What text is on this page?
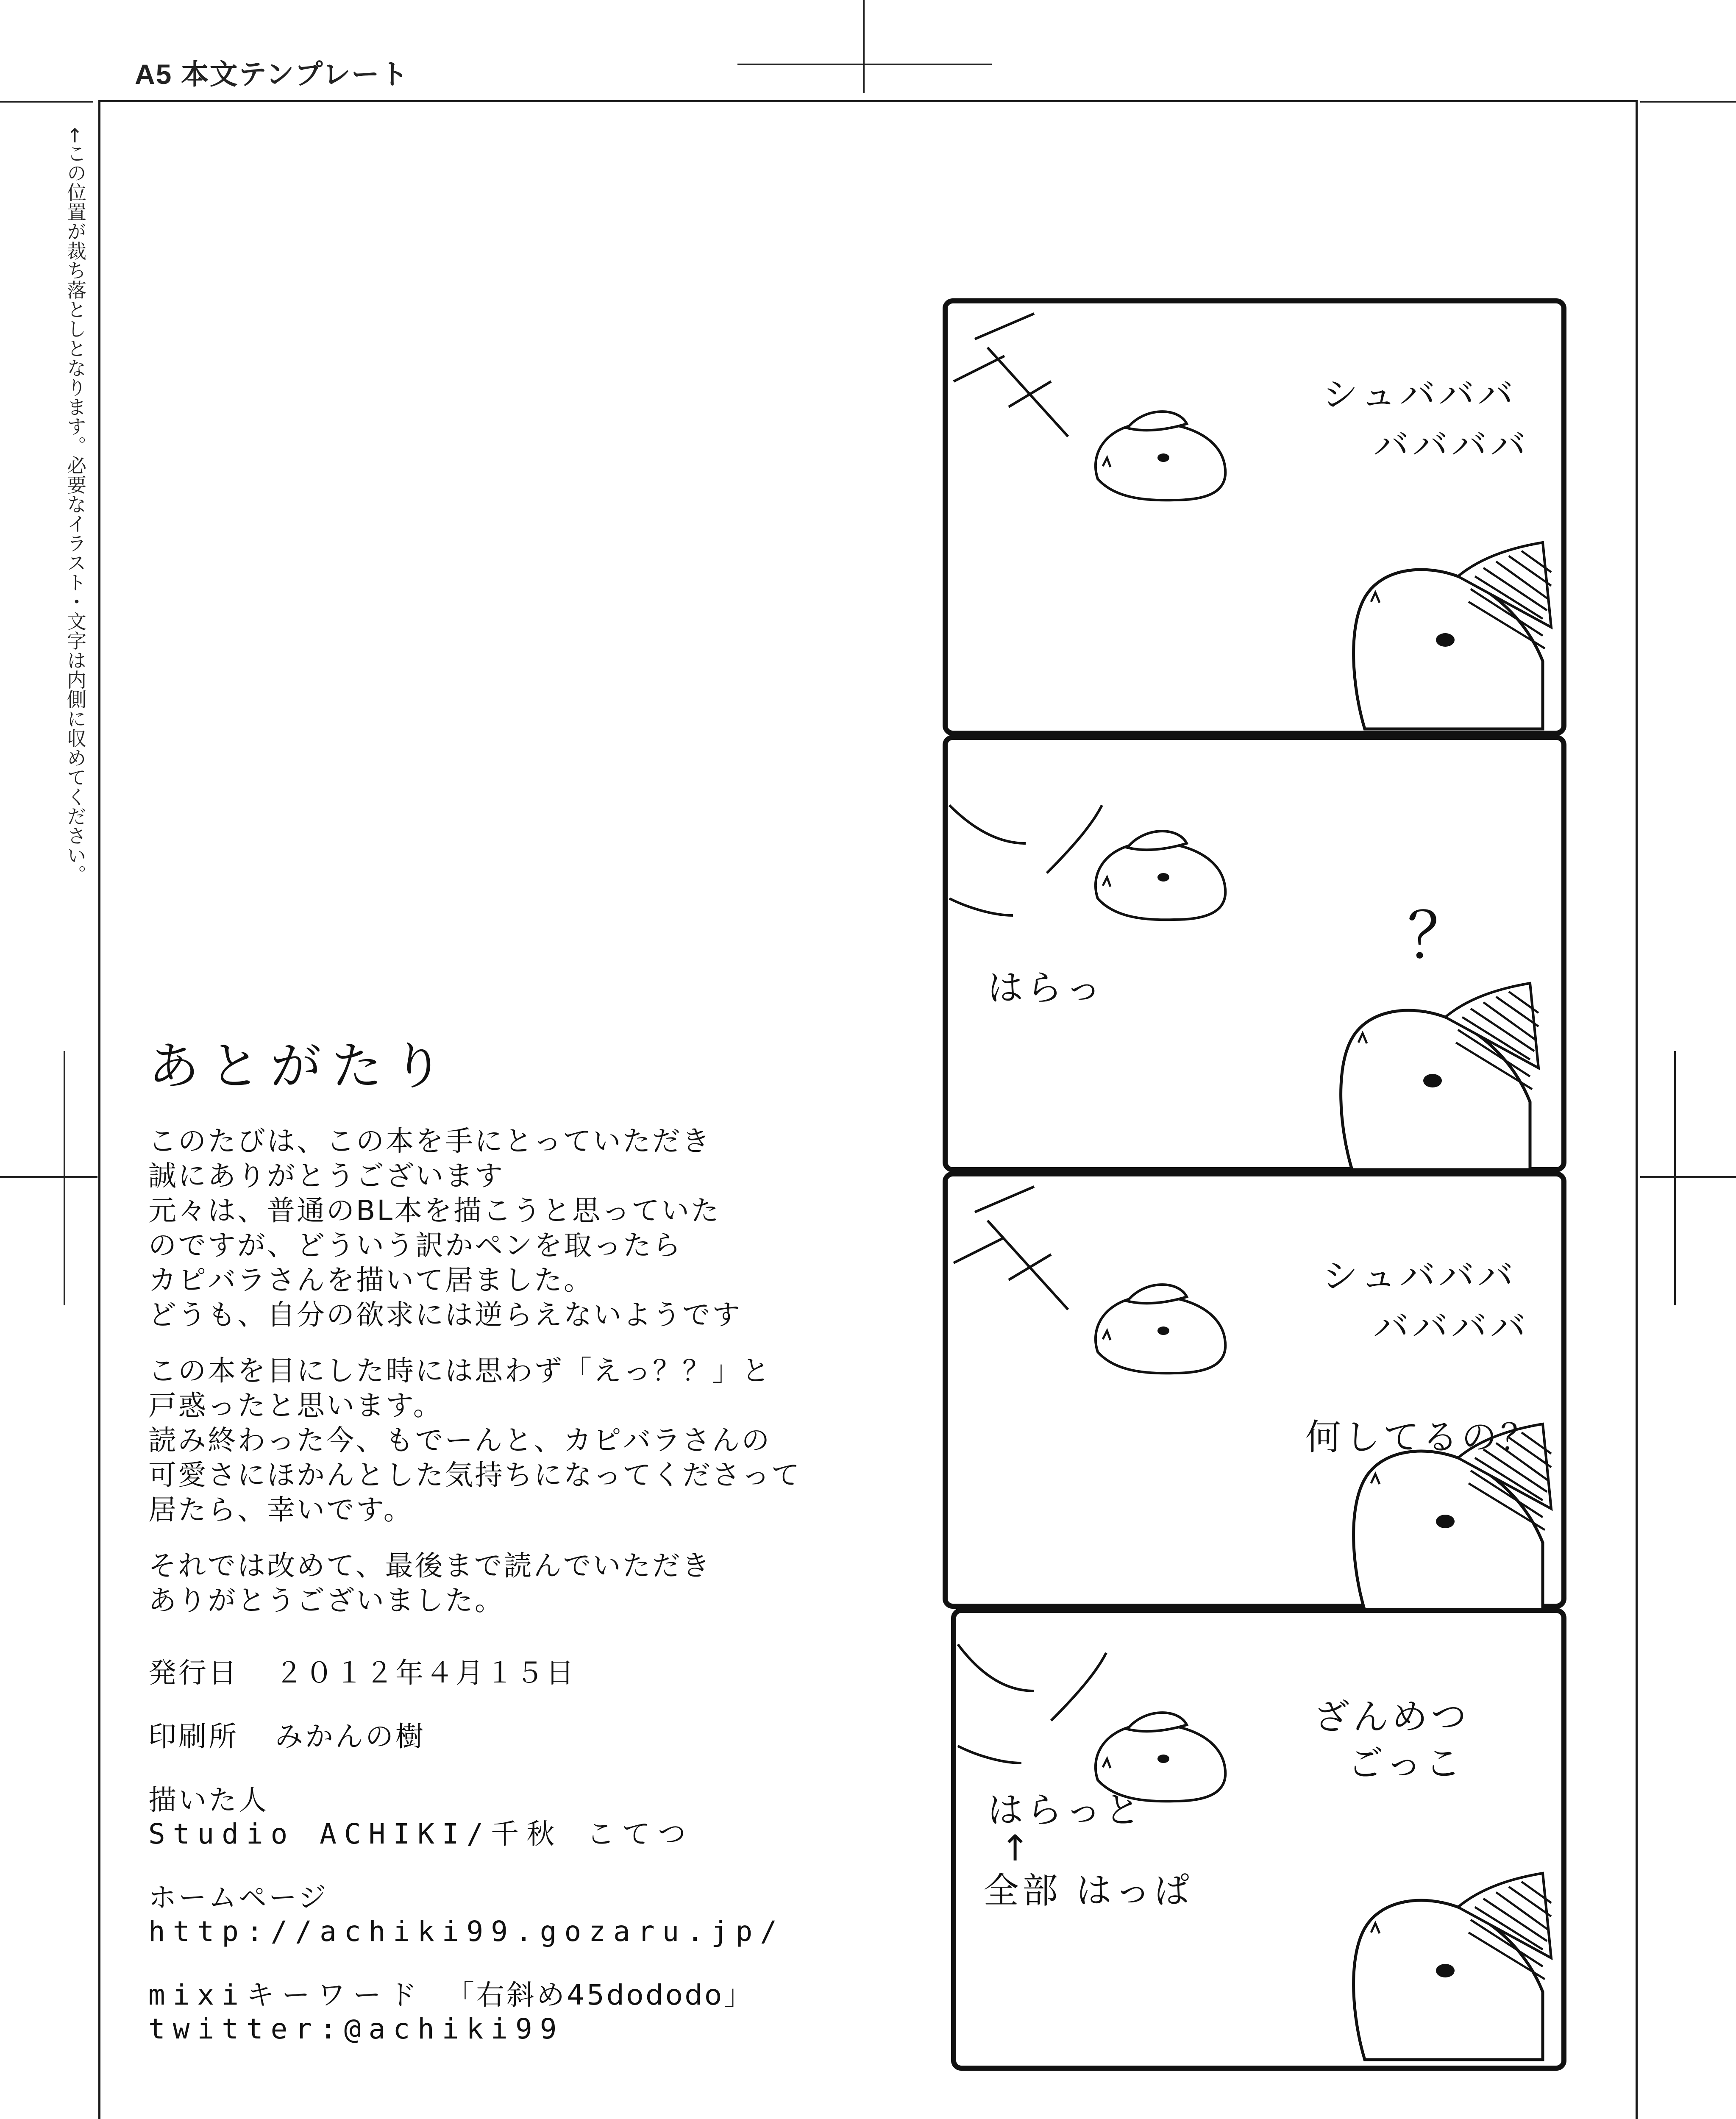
A5 本文テンプレート
←この位置が裁ち落としとなります。必要なイラスト・文字は内側に収めてください。
あとがたり

このたびは、この本を手にとっていただき
誠にありがとうございます
元々は、普通のBL本を描こうと思っていた
のですが、どういう訳かペンを取ったら
カピバラさんを描いて居ました。
どうも、自分の欲求には逆らえないようです

この本を目にした時には思わず「えっ？？」と
戸惑ったと思います。
読み終わった今、もでーんと、カピバラさんの
可愛さにほかんとした気持ちになってくださって
居たら、幸いです。

それでは改めて、最後まで読んでいただき
ありがとうございました。

発行日 ２０１２年４月１５日
印刷所 みかんの樹
描いた人
Studio ACHIKI/千秋 こてつ
ホームページ
http://achiki99.gozaru.jp/
mixiキーワード 「右斜め45dododo」
twitter:@achiki99
シュバババ
ババババ
はらっ
？
シュバババ
ババババ
何してるの？
ざんめつ
ごっこ
はらっと
↑
全部 はっぱ
